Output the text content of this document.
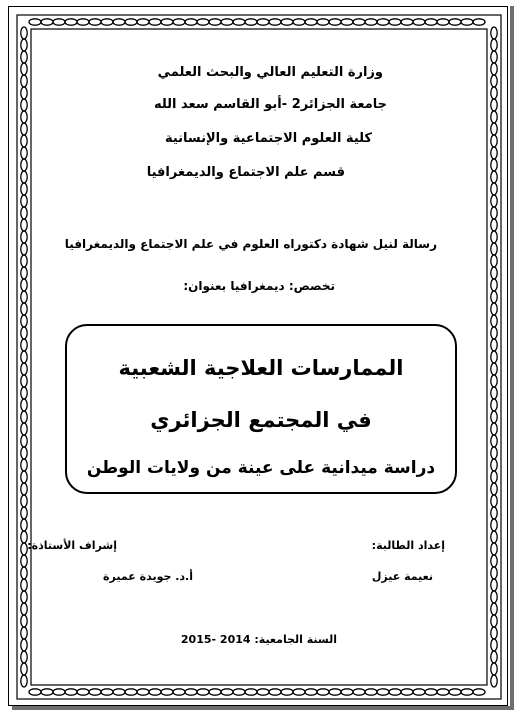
وزارة التعليم العالي والبحث العلمي
جامعة الجزائر2 -أبو القاسم سعد الله
كلية العلوم الاجتماعية والإنسانية
قسم علم الاجتماع والديمغرافيا
رسالة لنيل شهادة دكتوراه العلوم في علم الاجتماع والديمغرافيا
تخصص: ديمغرافيا بعنوان:
الممارسات العلاجية الشعبية
في المجتمع الجزائري
دراسة ميدانية على عينة من ولايات الوطن
إعداد الطالبة:
إشراف الأستاذة:
نعيمة عيزل
أ.د. جويدة عميرة
السنة الجامعية: 2014 -2015
